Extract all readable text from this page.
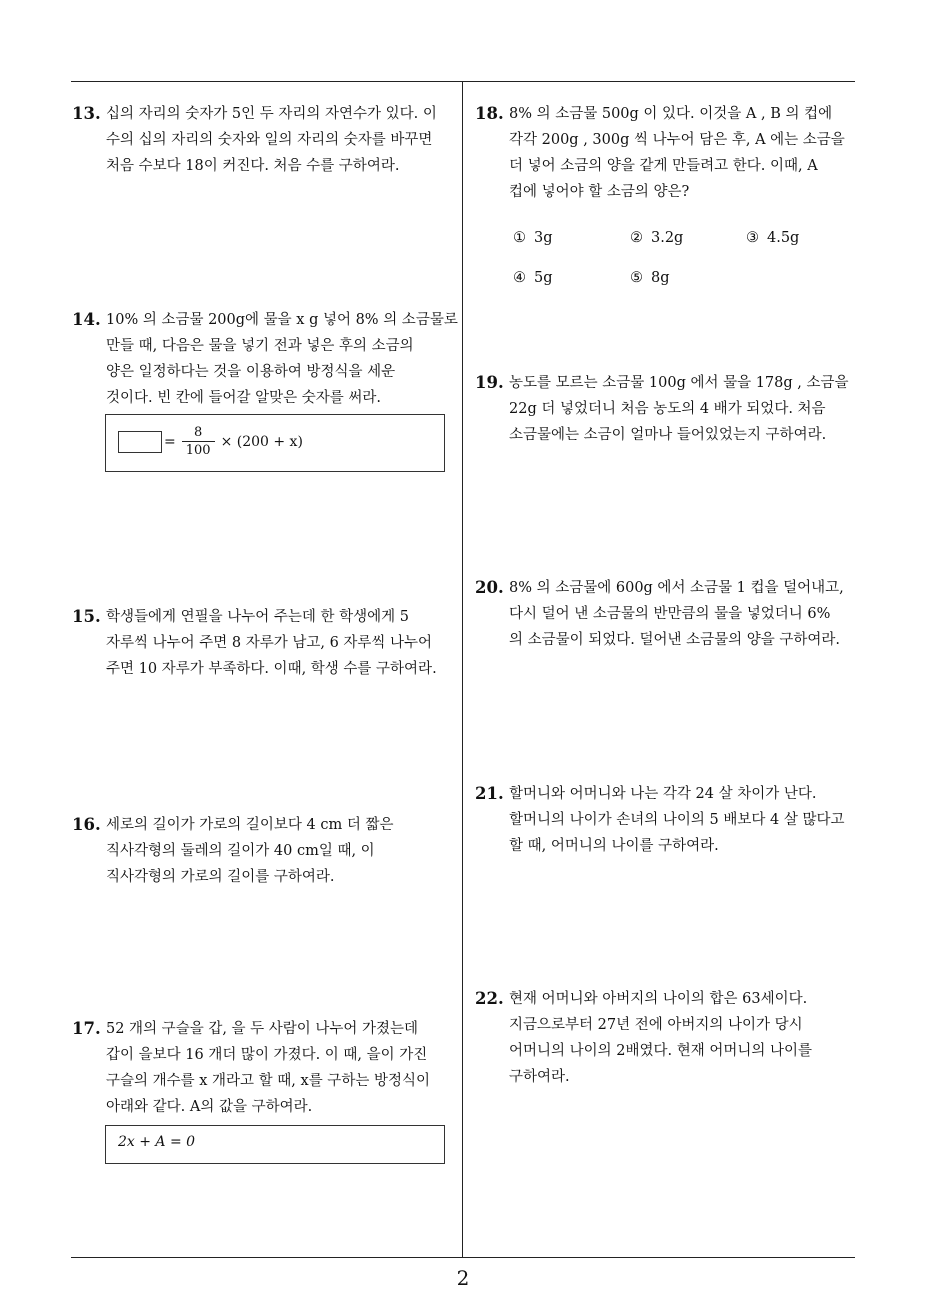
13. 십의 자리의 숫자가 5인 두 자리의 자연수가 있다. 이
수의 십의 자리의 숫자와 일의 자리의 숫자를 바꾸면
처음 수보다 18이 커진다. 처음 수를 구하여라.
14. 10% 의 소금물 200g에 물을 x g 넣어 8% 의 소금물로
만들 때, 다음은 물을 넣기 전과 넣은 후의 소금의
양은 일정하다는 것을 이용하여 방정식을 세운
것이다. 빈 칸에 들어갈 알맞은 숫자를 써라.
= $\frac{8}{100} \times (200 + x)$
15. 학생들에게 연필을 나누어 주는데 한 학생에게 5
자루씩 나누어 주면 8 자루가 남고, 6 자루씩 나누어
주면 10 자루가 부족하다. 이때, 학생 수를 구하여라.
16. 세로의 길이가 가로의 길이보다 4 cm 더 짧은
직사각형의 둘레의 길이가 40 cm일 때, 이
직사각형의 가로의 길이를 구하여라.
17. 52 개의 구슬을 갑, 을 두 사람이 나누어 가졌는데
갑이 을보다 16 개더 많이 가졌다. 이 때, 을이 가진
구슬의 개수를 x 개라고 할 때, x를 구하는 방정식이
아래와 같다. A의 값을 구하여라.
2x + A = 0
18. 8% 의 소금물 500g 이 있다. 이것을 A , B 의 컵에
각각 200g , 300g 씩 나누어 담은 후, A 에는 소금을
더 넣어 소금의 양을 같게 만들려고 한다. 이때, A
컵에 넣어야 할 소금의 양은?
① 3g	② 3.2g	③ 4.5g
④ 5g	⑤ 8g
19. 농도를 모르는 소금물 100g 에서 물을 178g , 소금을
22g 더 넣었더니 처음 농도의 4 배가 되었다. 처음
소금물에는 소금이 얼마나 들어있었는지 구하여라.
20. 8% 의 소금물에 600g 에서 소금물 1 컵을 덜어내고,
다시 덜어 낸 소금물의 반만큼의 물을 넣었더니 6%
의 소금물이 되었다. 덜어낸 소금물의 양을 구하여라.
21. 할머니와 어머니와 나는 각각 24 살 차이가 난다.
할머니의 나이가 손녀의 나이의 5 배보다 4 살 많다고
할 때, 어머니의 나이를 구하여라.
22. 현재 어머니와 아버지의 나이의 합은 63세이다.
지금으로부터 27년 전에 아버지의 나이가 당시
어머니의 나이의 2배였다. 현재 어머니의 나이를
구하여라.
2
